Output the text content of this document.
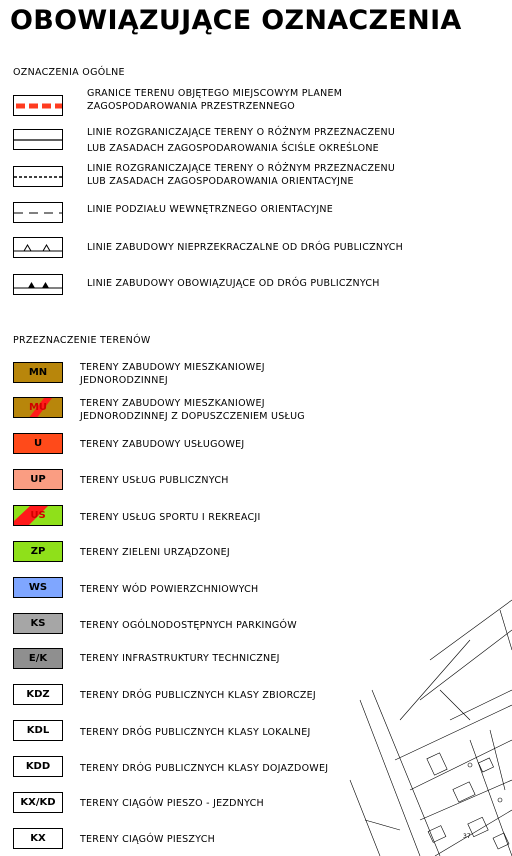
OBOWIĄZUJĄCE OZNACZENIA
OZNACZENIA OGÓLNE
GRANICE TERENU OBJĘTEGO MIEJSCOWYM PLANEM
ZAGOSPODAROWANIA PRZESTRZENNEGO
LINIE ROZGRANICZAJĄCE TERENY O RÓŻNYM PRZEZNACZENU
LUB ZASADACH ZAGOSPODAROWANIA ŚCIŚLE OKREŚLONE
LINIE ROZGRANICZAJĄCE TERENY O RÓŻNYM PRZEZNACZENU
LUB ZASADACH ZAGOSPODAROWANIA ORIENTACYJNE
LINIE PODZIAŁU WEWNĘTRZNEGO ORIENTACYJNE
LINIE ZABUDOWY NIEPRZEKRACZALNE OD DRÓG PUBLICZNYCH
LINIE ZABUDOWY OBOWIĄZUJĄCE OD DRÓG PUBLICZNYCH
PRZEZNACZENIE TERENÓW
MN	TERENY ZABUDOWY MIESZKANIOWEJ
JEDNORODZINNEJ
MU	TERENY ZABUDOWY MIESZKANIOWEJ
JEDNORODZINNEJ Z DOPUSZCZENIEM USŁUG
U	TERENY ZABUDOWY USŁUGOWEJ
UP	TERENY USŁUG PUBLICZNYCH
US	TERENY USŁUG SPORTU I REKREACJI
ZP	TERENY ZIELENI URZĄDZONEJ
WS	TERENY WÓD POWIERZCHNIOWYCH
KS	TERENY OGÓLNODOSTĘPNYCH PARKINGÓW
E/K	TERENY INFRASTRUKTURY TECHNICZNEJ
KDZ	TERENY DRÓG PUBLICZNYCH KLASY ZBIORCZEJ
KDL	TERENY DRÓG PUBLICZNYCH KLASY LOKALNEJ
KDD	TERENY DRÓG PUBLICZNYCH KLASY DOJAZDOWEJ
KX/KD	TERENY CIĄGÓW PIESZO - JEZDNYCH
KX	TERENY CIĄGÓW PIESZYCH	37
